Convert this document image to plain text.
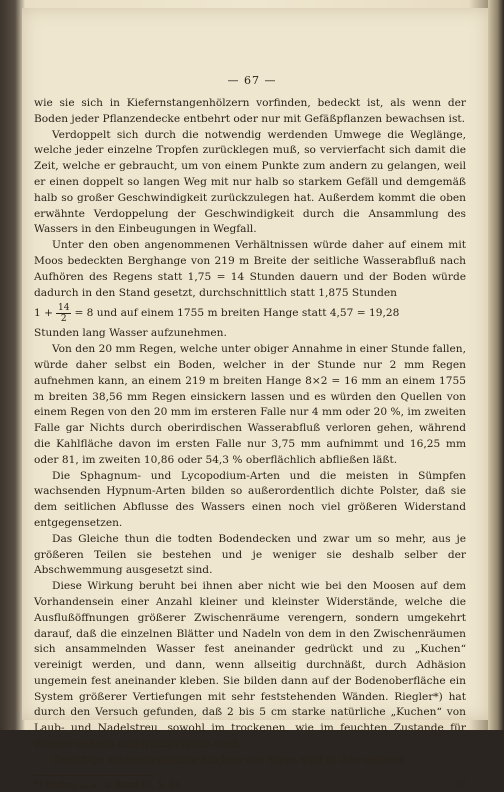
— 67 —

wie sie sich in Kiefernstangenhölzern vorfinden, bedeckt ist, als wenn der Boden jeder Pflanzendecke entbehrt oder nur mit Gefäßpflanzen bewachsen ist.

Verdoppelt sich durch die notwendig werdenden Umwege die Weglänge, welche jeder einzelne Tropfen zurücklegen muß, so vervierfacht sich damit die Zeit, welche er gebraucht, um von einem Punkte zum andern zu gelangen, weil er einen doppelt so langen Weg mit nur halb so starkem Gefäll und demgemäß halb so großer Geschwindigkeit zurückzulegen hat. Außerdem kommt die oben erwähnte Verdoppelung der Geschwindigkeit durch die Ansammlung des Wassers in den Einbeugungen in Wegfall.

Unter den oben angenommenen Verhältnissen würde daher auf einem mit Moos bedeckten Berghange von 219 m Breite der seitliche Wasserabfluß nach Aufhören des Regens statt 1,75 = 14 Stunden dauern und der Boden würde dadurch in den Stand gesetzt, durchschnittlich statt 1,875 Stunden

$1 + \frac{14}{2} = 8$ und auf einem 1755 m breiten Hange statt 4,57 = 19,28

Stunden lang Wasser aufzunehmen.

Von den 20 mm Regen, welche unter obiger Annahme in einer Stunde fallen, würde daher selbst ein Boden, welcher in der Stunde nur 2 mm Regen aufnehmen kann, an einem 219 m breiten Hange 8×2 = 16 mm an einem 1755 m breiten 38,56 mm Regen einsickern lassen und es würden den Quellen von einem Regen von den 20 mm im ersteren Falle nur 4 mm oder 20 %, im zweiten Falle gar Nichts durch oberirdischen Wasserabfluß verloren gehen, während die Kahlfläche davon im ersten Falle nur 3,75 mm aufnimmt und 16,25 mm oder 81, im zweiten 10,86 oder 54,3 % oberflächlich abfließen läßt.

Die Sphagnum- und Lycopodium-Arten und die meisten in Sümpfen wachsenden Hypnum-Arten bilden so außerordentlich dichte Polster, daß sie dem seitlichen Abflusse des Wassers einen noch viel größeren Widerstand entgegensetzen.

Das Gleiche thun die todten Bodendecken und zwar um so mehr, aus je größeren Teilen sie bestehen und je weniger sie deshalb selber der Abschwemmung ausgesetzt sind.

Diese Wirkung beruht bei ihnen aber nicht wie bei den Moosen auf dem Vorhandensein einer Anzahl kleiner und kleinster Widerstände, welche die Ausflußöffnungen größerer Zwischenräume verengern, sondern umgekehrt darauf, daß die einzelnen Blätter und Nadeln von dem in den Zwischenräumen sich ansammelnden Wasser fest aneinander gedrückt und zu „Kuchen“ vereinigt werden, und dann, wenn allseitig durchnäßt, durch Adhäsion ungemein fest aneinander kleben. Sie bilden dann auf der Bodenoberfläche ein System größerer Vertiefungen mit sehr feststehenden Wänden. Riegler*) hat durch den Versuch gefunden, daß 2 bis 5 cm starke natürliche „Kuchen“ von Laub- und Nadelstreu, sowohl im trockenen, wie im feuchten Zustande für Wasser nahezu undurchdringlich sind.

Derartige zusammenklebte Kuchen von Streu sind in den unteren

*) Wollny, a. a. O. Band III, S. 86.	5*
